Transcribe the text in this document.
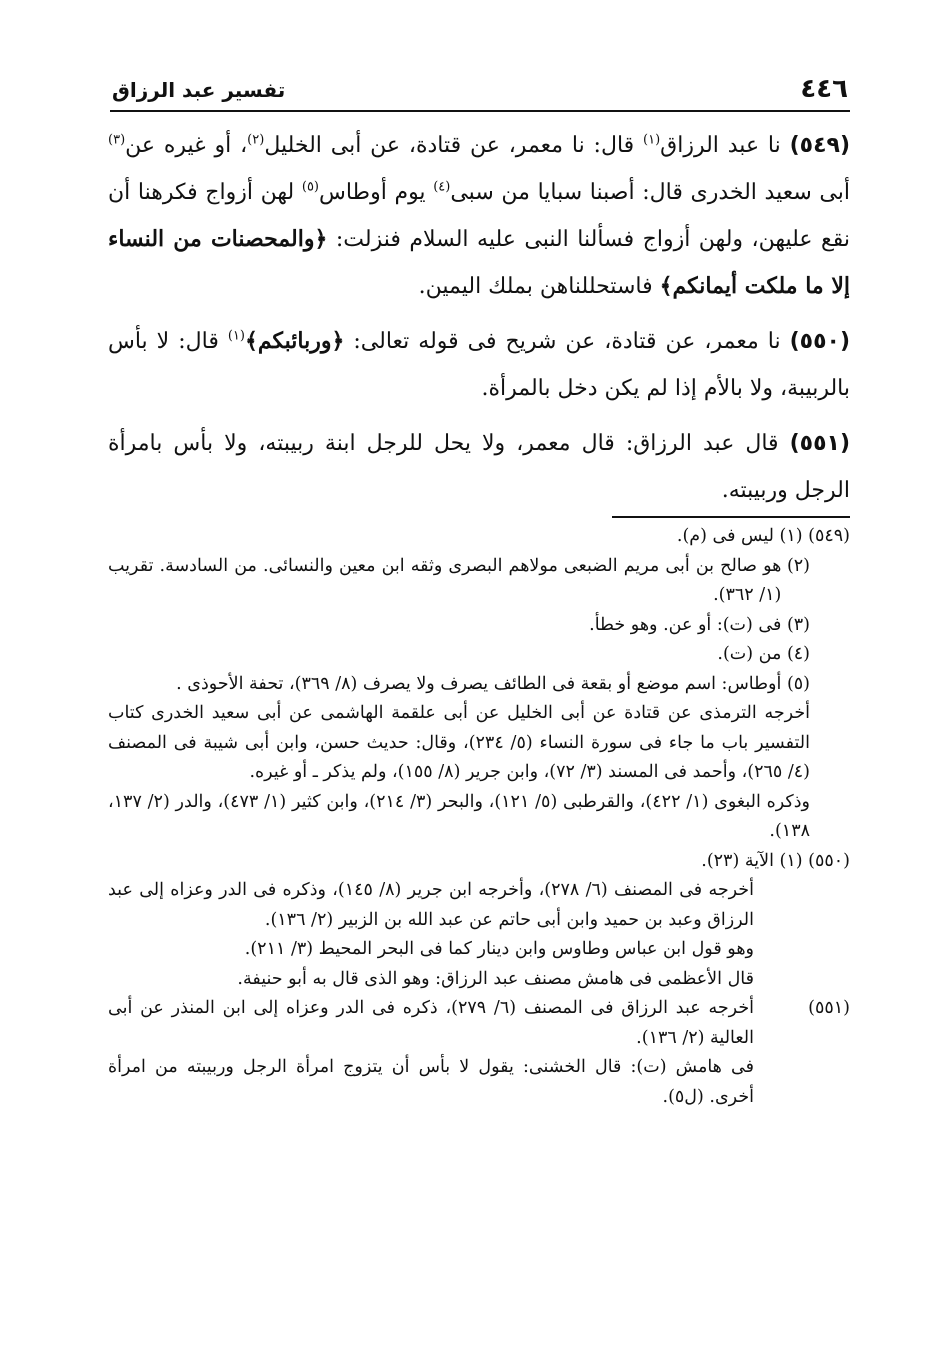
٤٤٦
تفسير عبد الرزاق

(٥٤٩) نا عبد الرزاق$^{(١)}$ قال: نا معمر، عن قتادة، عن أبى الخليل$^{(٢)}$، أو غيره عن$^{(٣)}$ أبى سعيد الخدرى قال: أصبنا سبايا من سبى$^{(٤)}$ يوم أوطاس$^{(٥)}$ لهن أزواج فكرهنا أن نقع عليهن، ولهن أزواج فسألنا النبى عليه السلام فنزلت: ﴿والمحصنات من النساء إلا ما ملكت أيمانكم﴾ فاستحللناهن بملك اليمين.

(٥٥٠) نا معمر، عن قتادة، عن شريح فى قوله تعالى: ﴿وربائبكم﴾$^{(١)}$ قال: لا بأس بالربيبة، ولا بالأم إذا لم يكن دخل بالمرأة.

(٥٥١) قال عبد الرزاق: قال معمر، ولا يحل للرجل ابنة ربيبته، ولا بأس بامرأة الرجل وربيبته.

(٥٤٩)
(١) ليس فى (م).
(٢)
هو صالح بن أبى مريم الضبعى مولاهم البصرى وثقه ابن معين والنسائى. من السادسة. تقريب (١/ ٣٦٢).
(٣)
فى (ت): أو عن. وهو خطأ.
(٤)
من (ت).
(٥)
أوطاس: اسم موضع أو بقعة فى الطائف يصرف ولا يصرف (٨/ ٣٦٩)، تحفة الأحوذى .

أخرجه الترمذى عن قتادة عن أبى الخليل عن أبى علقمة الهاشمى عن أبى سعيد الخدرى كتاب التفسير باب ما جاء فى سورة النساء (٥/ ٢٣٤)، وقال: حديث حسن، وابن أبى شيبة فى المصنف (٤/ ٢٦٥)، وأحمد فى المسند (٣/ ٧٢)، وابن جرير (٨/ ١٥٥)، ولم يذكر ـ أو غيره.

وذكره البغوى (١/ ٤٢٢)، والقرطبى (٥/ ١٢١)، والبحر (٣/ ٢١٤)، وابن كثير (١/ ٤٧٣)، والدر (٢/ ١٣٧، ١٣٨).

(٥٥٠)
(١) الآية (٢٣).

أخرجه فى المصنف (٦/ ٢٧٨)، وأخرجه ابن جرير (٨/ ١٤٥)، وذكره فى الدر وعزاه إلى عبد الرزاق وعبد بن حميد وابن أبى حاتم عن عبد الله بن الزبير (٢/ ١٣٦).

وهو قول ابن عباس وطاوس وابن دينار كما فى البحر المحيط (٣/ ٢١١).

قال الأعظمى فى هامش مصنف عبد الرزاق: وهو الذى قال به أبو حنيفة.

(٥٥١)
أخرجه عبد الرزاق فى المصنف (٦/ ٢٧٩)، ذكره فى الدر وعزاه إلى ابن المنذر عن أبى العالية (٢/ ١٣٦).

فى هامش (ت): قال الخشنى: يقول لا بأس أن يتزوج امرأة الرجل وربيبته من امرأة أخرى. (ل٥).
